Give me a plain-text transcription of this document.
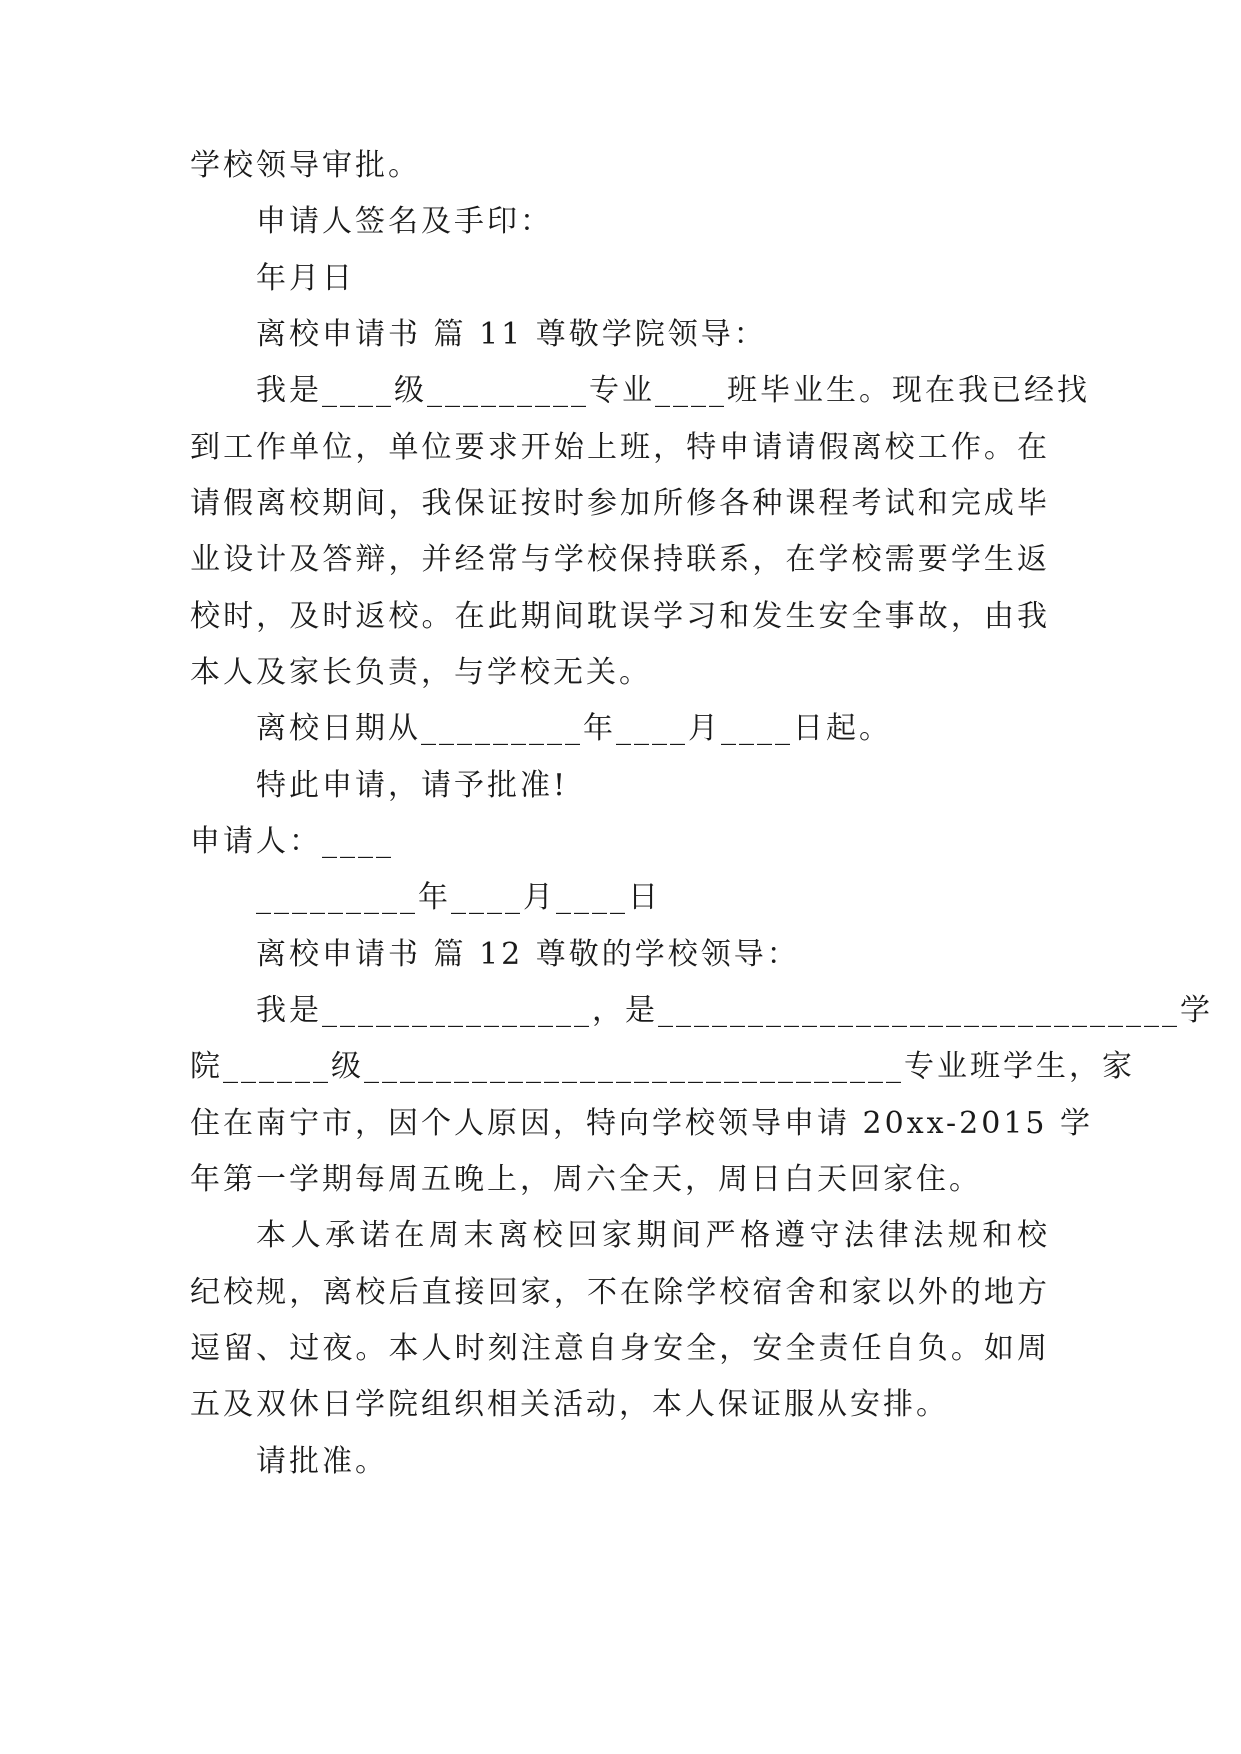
学校领导审批。
申请人签名及手印：
年月日
离校申请书 篇 11 尊敬学院领导：
我是____级_________专业____班毕业生。现在我已经找
到工作单位，单位要求开始上班，特申请请假离校工作。在
请假离校期间，我保证按时参加所修各种课程考试和完成毕
业设计及答辩，并经常与学校保持联系，在学校需要学生返
校时，及时返校。在此期间耽误学习和发生安全事故，由我
本人及家长负责，与学校无关。
离校日期从_________年____月____日起。
特此申请，请予批准!
申请人：____
_________年____月____日
离校申请书 篇 12 尊敬的学校领导：
我是_______________，是_____________________________学
院______级______________________________专业班学生，家
住在南宁市，因个人原因，特向学校领导申请 20xx-2015 学
年第一学期每周五晚上，周六全天，周日白天回家住。
本人承诺在周末离校回家期间严格遵守法律法规和校
纪校规，离校后直接回家，不在除学校宿舍和家以外的地方
逗留、过夜。本人时刻注意自身安全，安全责任自负。如周
五及双休日学院组织相关活动，本人保证服从安排。
请批准。
